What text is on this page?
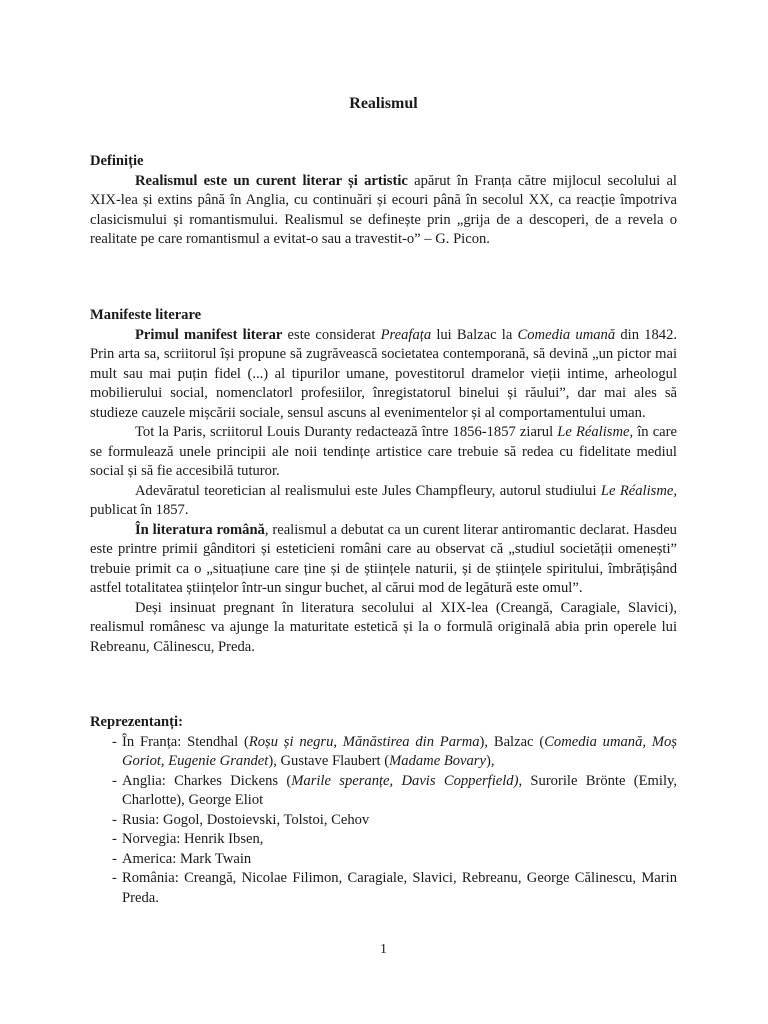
Realismul
Definiție

Realismul este un curent literar și artistic apărut în Franța către mijlocul secolului al XIX-lea și extins până în Anglia, cu continuări și ecouri până în secolul XX, ca reacție împotriva clasicismului și romantismului. Realismul se definește prin „grija de a descoperi, de a revela o realitate pe care romantismul a evitat-o sau a travestit-o” – G. Picon.

Manifeste literare

Primul manifest literar este considerat Preafața lui Balzac la Comedia umană din 1842. Prin arta sa, scriitorul își propune să zugrăvească societatea contemporană, să devină „un pictor mai mult sau mai puțin fidel (...) al tipurilor umane, povestitorul dramelor vieții intime, arheologul mobilierului social, nomenclatorl profesiilor, înregistatorul binelui și răului”, dar mai ales să studieze cauzele mișcării sociale, sensul ascuns al evenimentelor și al comportamentului uman.

Tot la Paris, scriitorul Louis Duranty redactează între 1856-1857 ziarul Le Réalisme, în care se formulează unele principii ale noii tendințe artistice care trebuie să redea cu fidelitate mediul social și să fie accesibilă tuturor.

Adevăratul teoretician al realismului este Jules Champfleury, autorul studiului Le Réalisme, publicat în 1857.

În literatura română, realismul a debutat ca un curent literar antiromantic declarat. Hasdeu este printre primii gânditori și esteticieni români care au observat că „studiul societății omenești” trebuie primit ca o „situațiune care ține și de științele naturii, și de științele spiritului, îmbrățișând astfel totalitatea științelor într-un singur buchet, al cărui mod de legătură este omul”.

Deși insinuat pregnant în literatura secolului al XIX-lea (Creangă, Caragiale, Slavici), realismul românesc va ajunge la maturitate estetică și la o formulă originală abia prin operele lui Rebreanu, Călinescu, Preda.

Reprezentanți:
- În Franța: Stendhal (Roșu și negru, Mănăstirea din Parma), Balzac (Comedia umană, Moș Goriot, Eugenie Grandet), Gustave Flaubert (Madame Bovary),
- Anglia: Charkes Dickens (Marile speranțe, Davis Copperfield), Surorile Brönte (Emily, Charlotte), George Eliot
- Rusia: Gogol, Dostoievski, Tolstoi, Cehov
- Norvegia: Henrik Ibsen,
- America: Mark Twain
- România: Creangă, Nicolae Filimon, Caragiale, Slavici, Rebreanu, George Călinescu, Marin Preda.
1
